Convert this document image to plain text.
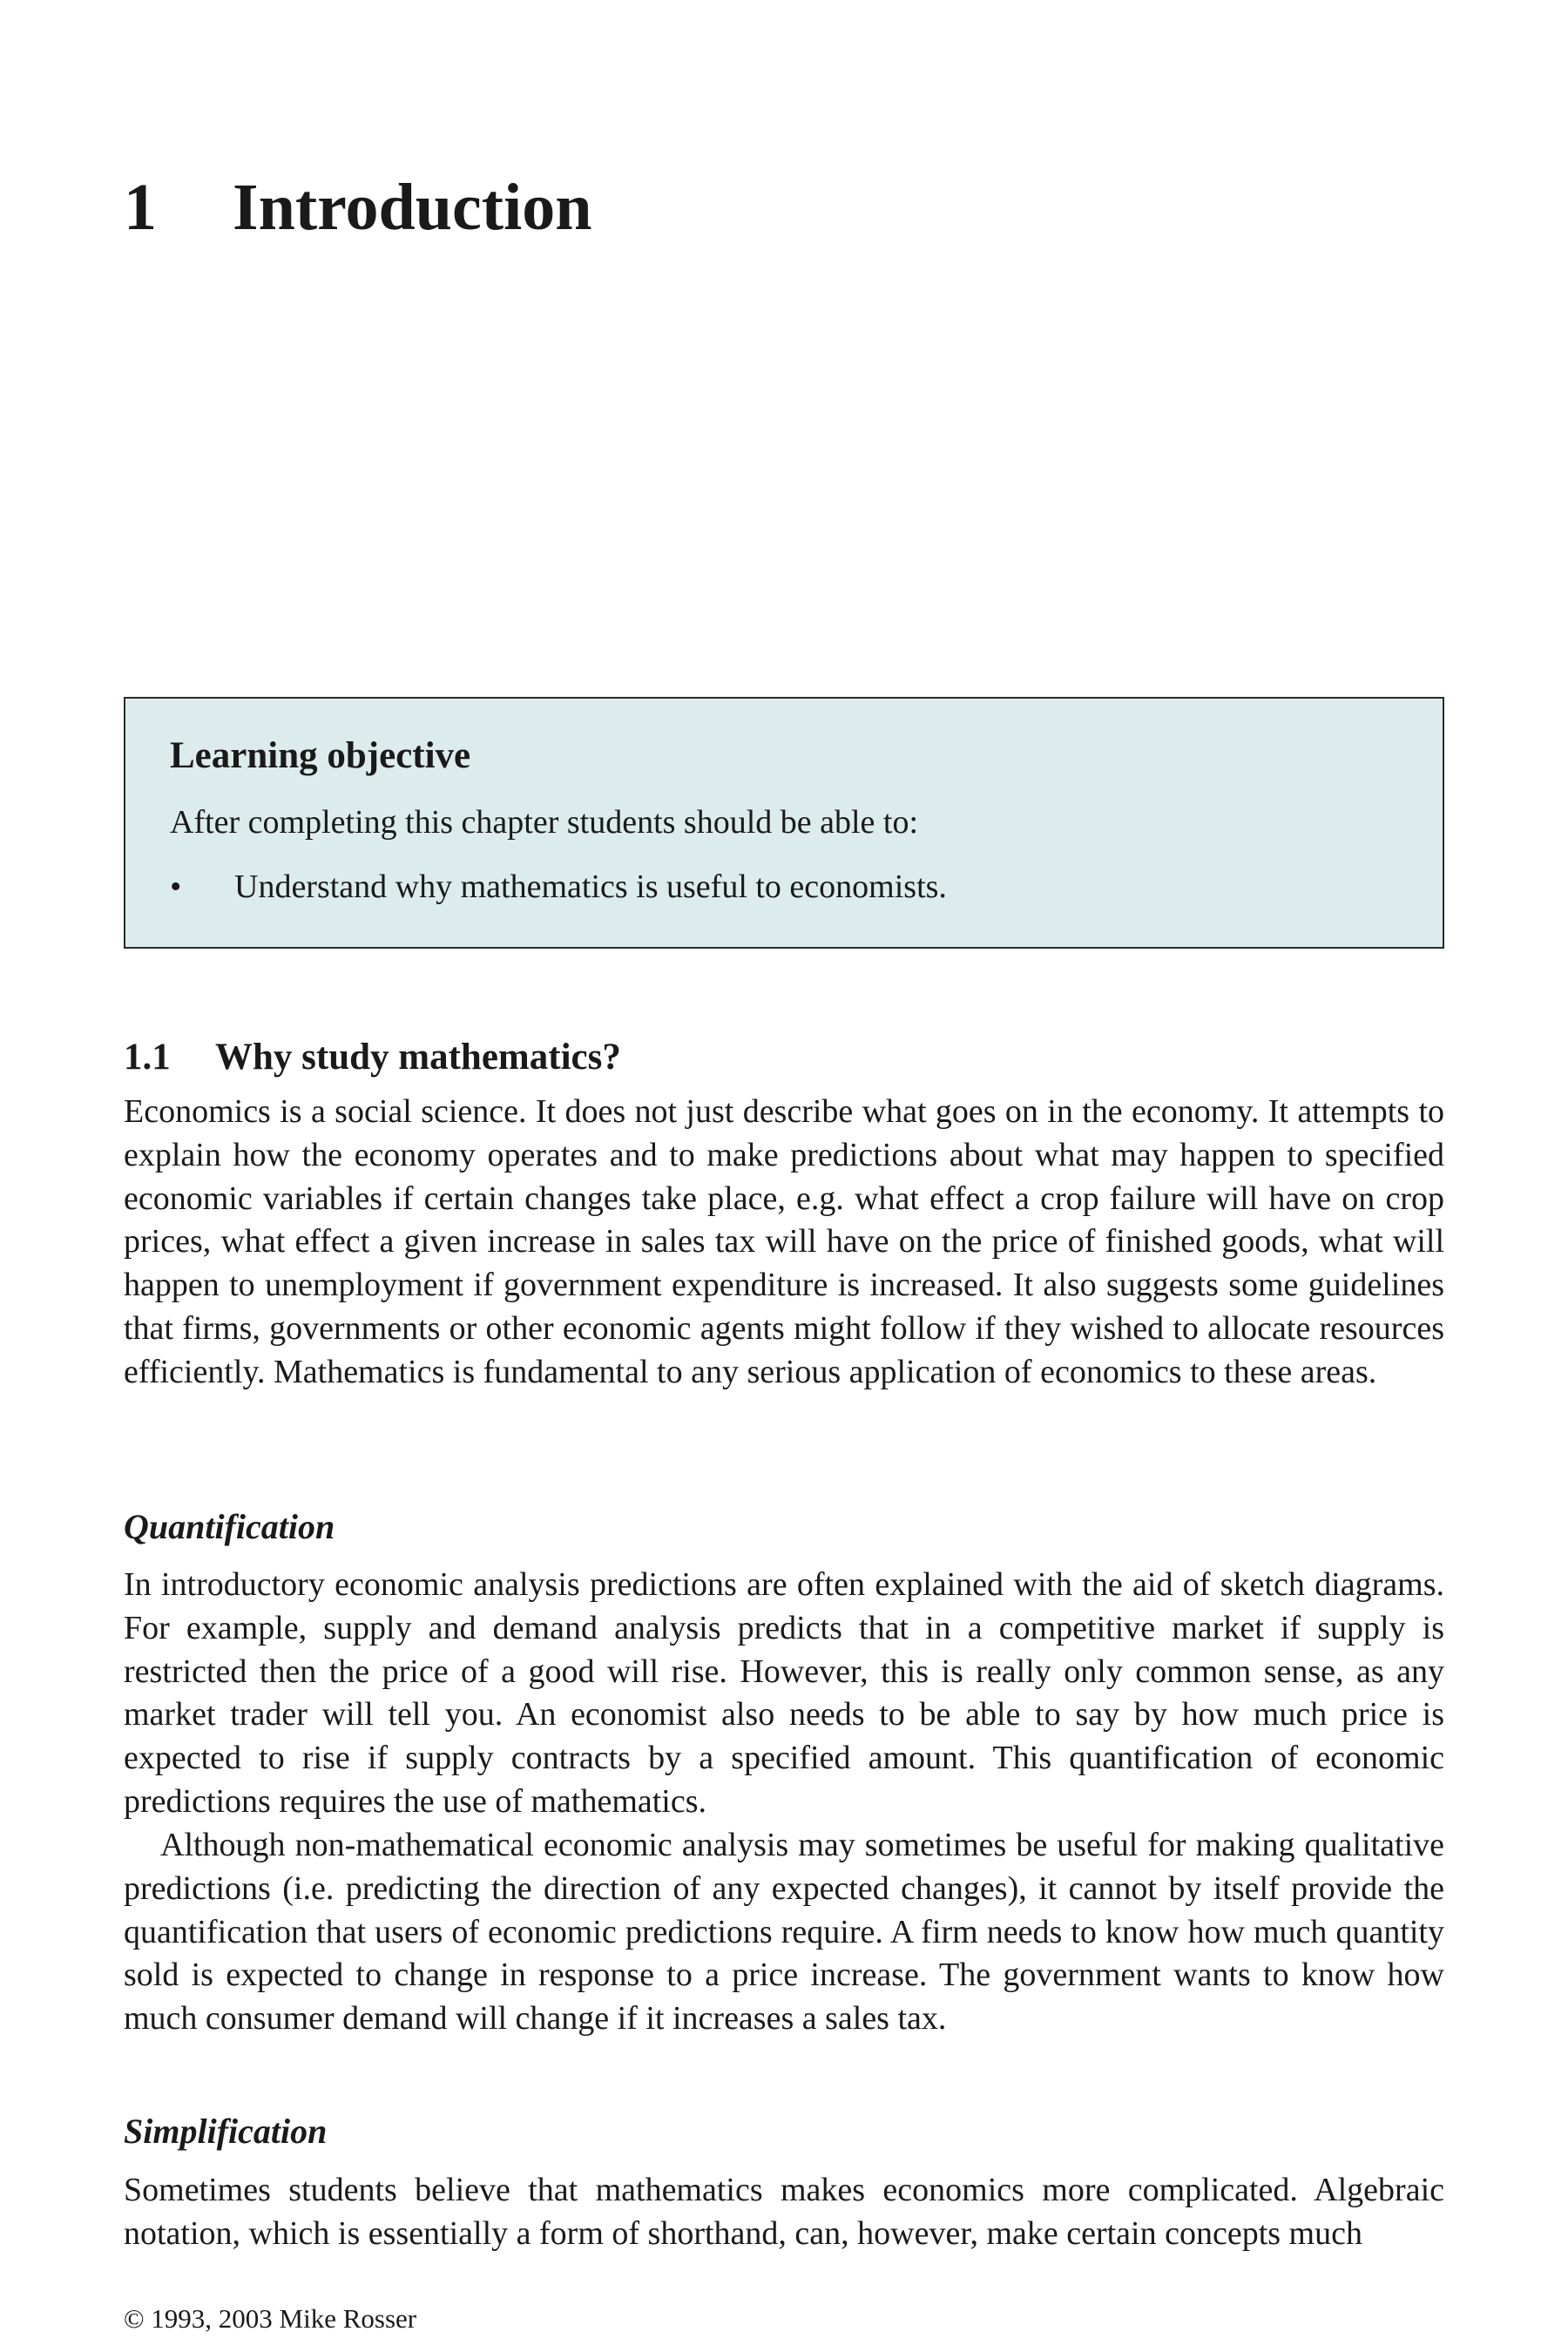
1 Introduction
Learning objective

After completing this chapter students should be able to:

• Understand why mathematics is useful to economists.

1.1 Why study mathematics?

Economics is a social science. It does not just describe what goes on in the economy. It attempts to explain how the economy operates and to make predictions about what may happen to specified economic variables if certain changes take place, e.g. what effect a crop failure will have on crop prices, what effect a given increase in sales tax will have on the price of finished goods, what will happen to unemployment if government expenditure is increased. It also suggests some guidelines that firms, governments or other economic agents might follow if they wished to allocate resources efficiently. Mathematics is fundamental to any serious application of economics to these areas.

Quantification

In introductory economic analysis predictions are often explained with the aid of sketch diagrams. For example, supply and demand analysis predicts that in a competitive market if supply is restricted then the price of a good will rise. However, this is really only common sense, as any market trader will tell you. An economist also needs to be able to say by how much price is expected to rise if supply contracts by a specified amount. This quantification of economic predictions requires the use of mathematics.

Although non-mathematical economic analysis may sometimes be useful for making qualitative predictions (i.e. predicting the direction of any expected changes), it cannot by itself provide the quantification that users of economic predictions require. A firm needs to know how much quantity sold is expected to change in response to a price increase. The government wants to know how much consumer demand will change if it increases a sales tax.

Simplification

Sometimes students believe that mathematics makes economics more complicated. Algebraic notation, which is essentially a form of shorthand, can, however, make certain concepts much

© 1993, 2003 Mike Rosser
